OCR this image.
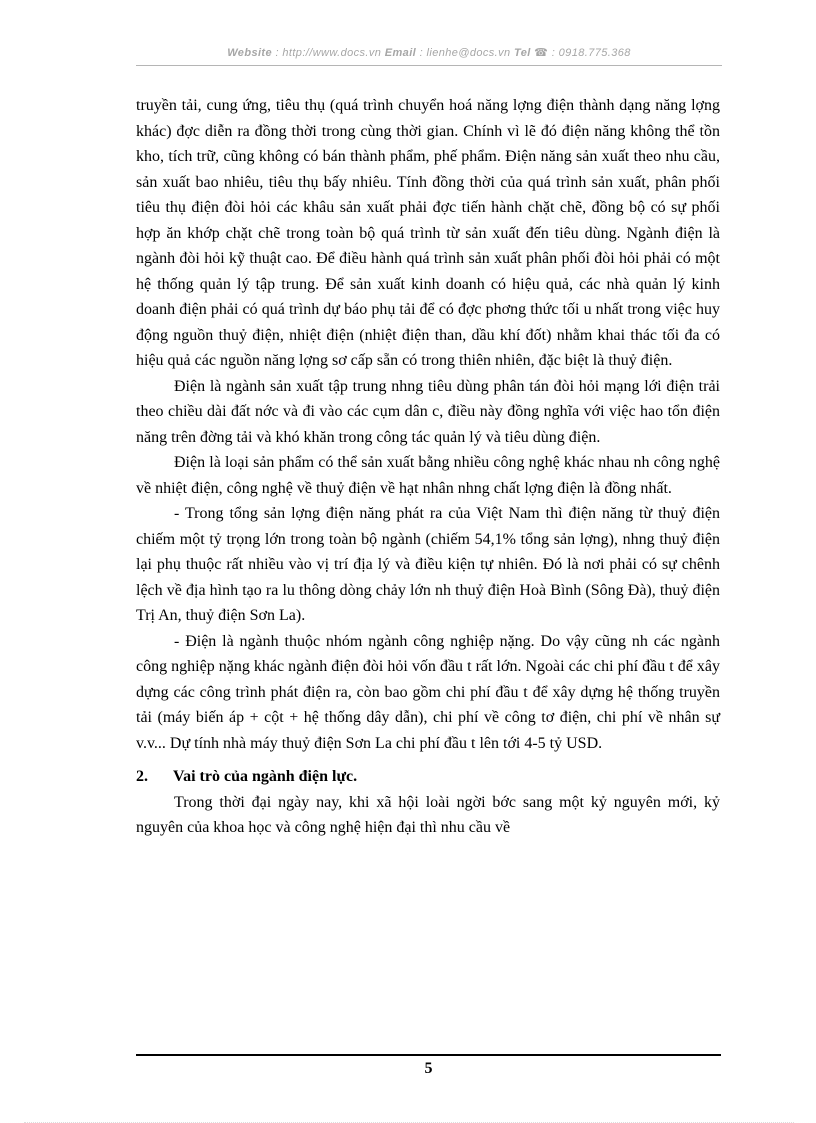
Website : http://www.docs.vn Email : lienhe@docs.vn Tel ☎ : 0918.775.368

truyền tải, cung ứng, tiêu thụ (quá trình chuyển hoá năng lợng điện thành dạng năng lợng khác) đợc diễn ra đồng thời trong cùng thời gian. Chính vì lẽ đó điện năng không thể tồn kho, tích trữ, cũng không có bán thành phẩm, phế phẩm. Điện năng sản xuất theo nhu cầu, sản xuất bao nhiêu, tiêu thụ bấy nhiêu. Tính đồng thời của quá trình sản xuất, phân phối tiêu thụ điện đòi hỏi các khâu sản xuất phải đợc tiến hành chặt chẽ, đồng bộ có sự phối hợp ăn khớp chặt chẽ trong toàn bộ quá trình từ sản xuất đến tiêu dùng. Ngành điện là ngành đòi hỏi kỹ thuật cao. Để điều hành quá trình sản xuất phân phối đòi hỏi phải có một hệ thống quản lý tập trung. Để sản xuất kinh doanh có hiệu quả, các nhà quản lý kinh doanh điện phải có quá trình dự báo phụ tải để có đợc phơng thức tối u nhất trong việc huy động nguồn thuỷ điện, nhiệt điện (nhiệt điện than, dầu khí đốt) nhằm khai thác tối đa có hiệu quả các nguồn năng lợng sơ cấp sẵn có trong thiên nhiên, đặc biệt là thuỷ điện.

Điện là ngành sản xuất tập trung nhng tiêu dùng phân tán đòi hỏi mạng lới điện trải theo chiều dài đất nớc và đi vào các cụm dân c, điều này đồng nghĩa với việc hao tổn điện năng trên đờng tải và khó khăn trong công tác quản lý và tiêu dùng điện.

Điện là loại sản phẩm có thể sản xuất bằng nhiều công nghệ khác nhau nh công nghệ về nhiệt điện, công nghệ về thuỷ điện về hạt nhân nhng chất lợng điện là đồng nhất.

- Trong tổng sản lợng điện năng phát ra của Việt Nam thì điện năng từ thuỷ điện chiếm một tỷ trọng lớn trong toàn bộ ngành (chiếm 54,1% tổng sản lợng), nhng thuỷ điện lại phụ thuộc rất nhiều vào vị trí địa lý và điều kiện tự nhiên. Đó là nơi phải có sự chênh lệch về địa hình tạo ra lu thông dòng chảy lớn nh thuỷ điện Hoà Bình (Sông Đà), thuỷ điện Trị An, thuỷ điện Sơn La).

- Điện là ngành thuộc nhóm ngành công nghiệp nặng. Do vậy cũng nh các ngành công nghiệp nặng khác ngành điện đòi hỏi vốn đầu t rất lớn. Ngoài các chi phí đầu t để xây dựng các công trình phát điện ra, còn bao gồm chi phí đầu t để xây dựng hệ thống truyền tải (máy biến áp + cột + hệ thống dây dẫn), chi phí về công tơ điện, chi phí về nhân sự v.v... Dự tính nhà máy thuỷ điện Sơn La chi phí đầu t lên tới 4-5 tỷ USD.

2.	Vai trò của ngành điện lực.

Trong thời đại ngày nay, khi xã hội loài ngời bớc sang một kỷ nguyên mới, kỷ nguyên của khoa học và công nghệ hiện đại thì nhu cầu về

5
